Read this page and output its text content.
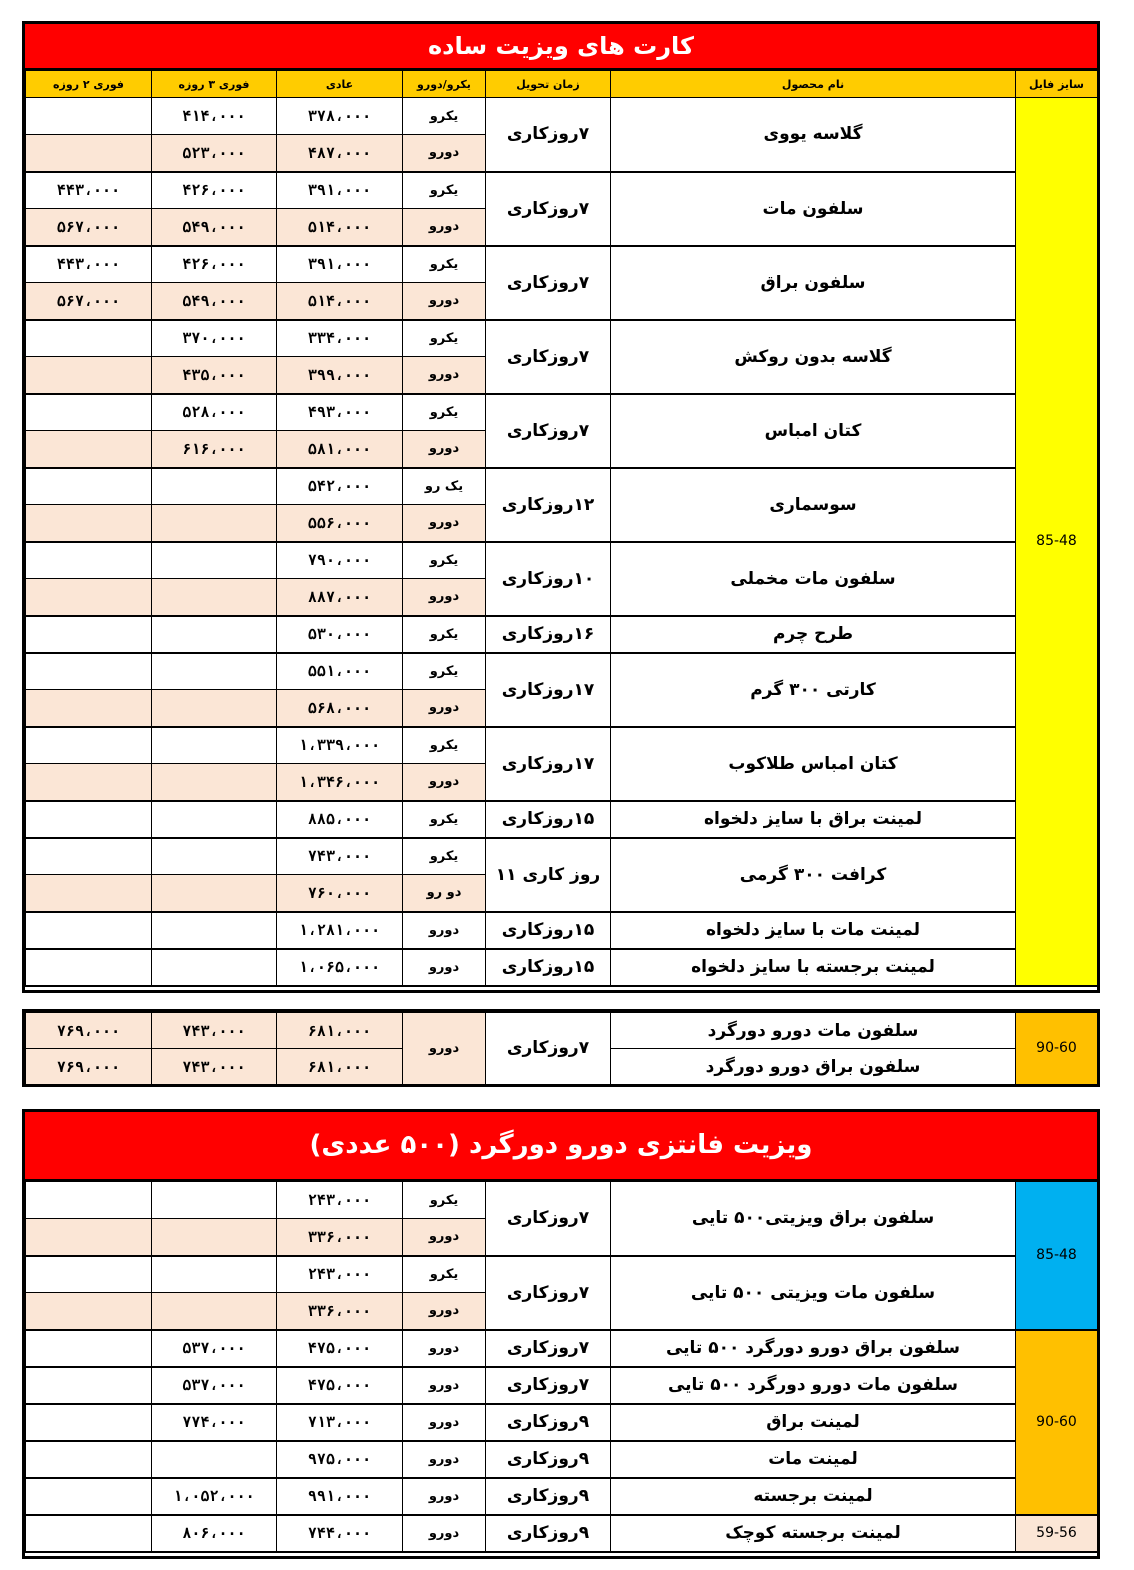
کارت های ویزیت ساده
سایز فایل	نام محصول	زمان تحویل	یکرو/دورو	عادی	فوری ۳ روزه	فوری ۲ روزه
85-48	گلاسه یووی	۷روزکاری	یکرو	۳۷۸،۰۰۰	۴۱۴،۰۰۰	
			دورو	۴۸۷،۰۰۰	۵۲۳،۰۰۰	
	سلفون مات	۷روزکاری	یکرو	۳۹۱،۰۰۰	۴۲۶،۰۰۰	۴۴۳،۰۰۰
			دورو	۵۱۴،۰۰۰	۵۴۹،۰۰۰	۵۶۷،۰۰۰
	سلفون براق	۷روزکاری	یکرو	۳۹۱،۰۰۰	۴۲۶،۰۰۰	۴۴۳،۰۰۰
			دورو	۵۱۴،۰۰۰	۵۴۹،۰۰۰	۵۶۷،۰۰۰
	گلاسه بدون روکش	۷روزکاری	یکرو	۳۳۴،۰۰۰	۳۷۰،۰۰۰	
			دورو	۳۹۹،۰۰۰	۴۳۵،۰۰۰	
	کتان امباس	۷روزکاری	یکرو	۴۹۳،۰۰۰	۵۲۸،۰۰۰	
			دورو	۵۸۱،۰۰۰	۶۱۶،۰۰۰	
	سوسماری	۱۲روزکاری	یک رو	۵۴۲،۰۰۰		
			دورو	۵۵۶،۰۰۰		
	سلفون مات مخملی	۱۰روزکاری	یکرو	۷۹۰،۰۰۰		
			دورو	۸۸۷،۰۰۰		
	طرح چرم	۱۶روزکاری	یکرو	۵۳۰،۰۰۰		
	کارتی ۳۰۰ گرم	۱۷روزکاری	یکرو	۵۵۱،۰۰۰		
			دورو	۵۶۸،۰۰۰		
	کتان امباس طلاکوب	۱۷روزکاری	یکرو	۱،۳۳۹،۰۰۰		
			دورو	۱،۳۴۶،۰۰۰		
	لمینت براق با سایز دلخواه	۱۵روزکاری	یکرو	۸۸۵،۰۰۰		
	کرافت ۳۰۰ گرمی	روز کاری ۱۱	یکرو	۷۴۳،۰۰۰		
			دو رو	۷۶۰،۰۰۰		
	لمینت مات با سایز دلخواه	۱۵روزکاری	دورو	۱،۲۸۱،۰۰۰		
	لمینت برجسته با سایز دلخواه	۱۵روزکاری	دورو	۱،۰۶۵،۰۰۰		
90-60	سلفون مات دورو دورگرد	۷روزکاری	دورو	۶۸۱،۰۰۰	۷۴۳،۰۰۰	۷۶۹،۰۰۰
	سلفون براق دورو دورگرد			۶۸۱،۰۰۰	۷۴۳،۰۰۰	۷۶۹،۰۰۰
ویزیت فانتزی دورو دورگرد (۵۰۰ عددی)
85-48	سلفون براق ویزیتی۵۰۰ تایی	۷روزکاری	یکرو	۲۴۳،۰۰۰		
			دورو	۳۳۶،۰۰۰		
	سلفون مات ویزیتی ۵۰۰ تایی	۷روزکاری	یکرو	۲۴۳،۰۰۰		
			دورو	۳۳۶،۰۰۰		
90-60	سلفون براق دورو دورگرد ۵۰۰ تایی	۷روزکاری	دورو	۴۷۵،۰۰۰	۵۳۷،۰۰۰	
	سلفون مات دورو دورگرد ۵۰۰ تایی	۷روزکاری	دورو	۴۷۵،۰۰۰	۵۳۷،۰۰۰	
	لمینت براق	۹روزکاری	دورو	۷۱۳،۰۰۰	۷۷۴،۰۰۰	
	لمینت مات	۹روزکاری	دورو	۹۷۵،۰۰۰		
	لمینت برجسته	۹روزکاری	دورو	۹۹۱،۰۰۰	۱،۰۵۲،۰۰۰	
59-56	لمینت برجسته کوچک	۹روزکاری	دورو	۷۴۴،۰۰۰	۸۰۶،۰۰۰	
